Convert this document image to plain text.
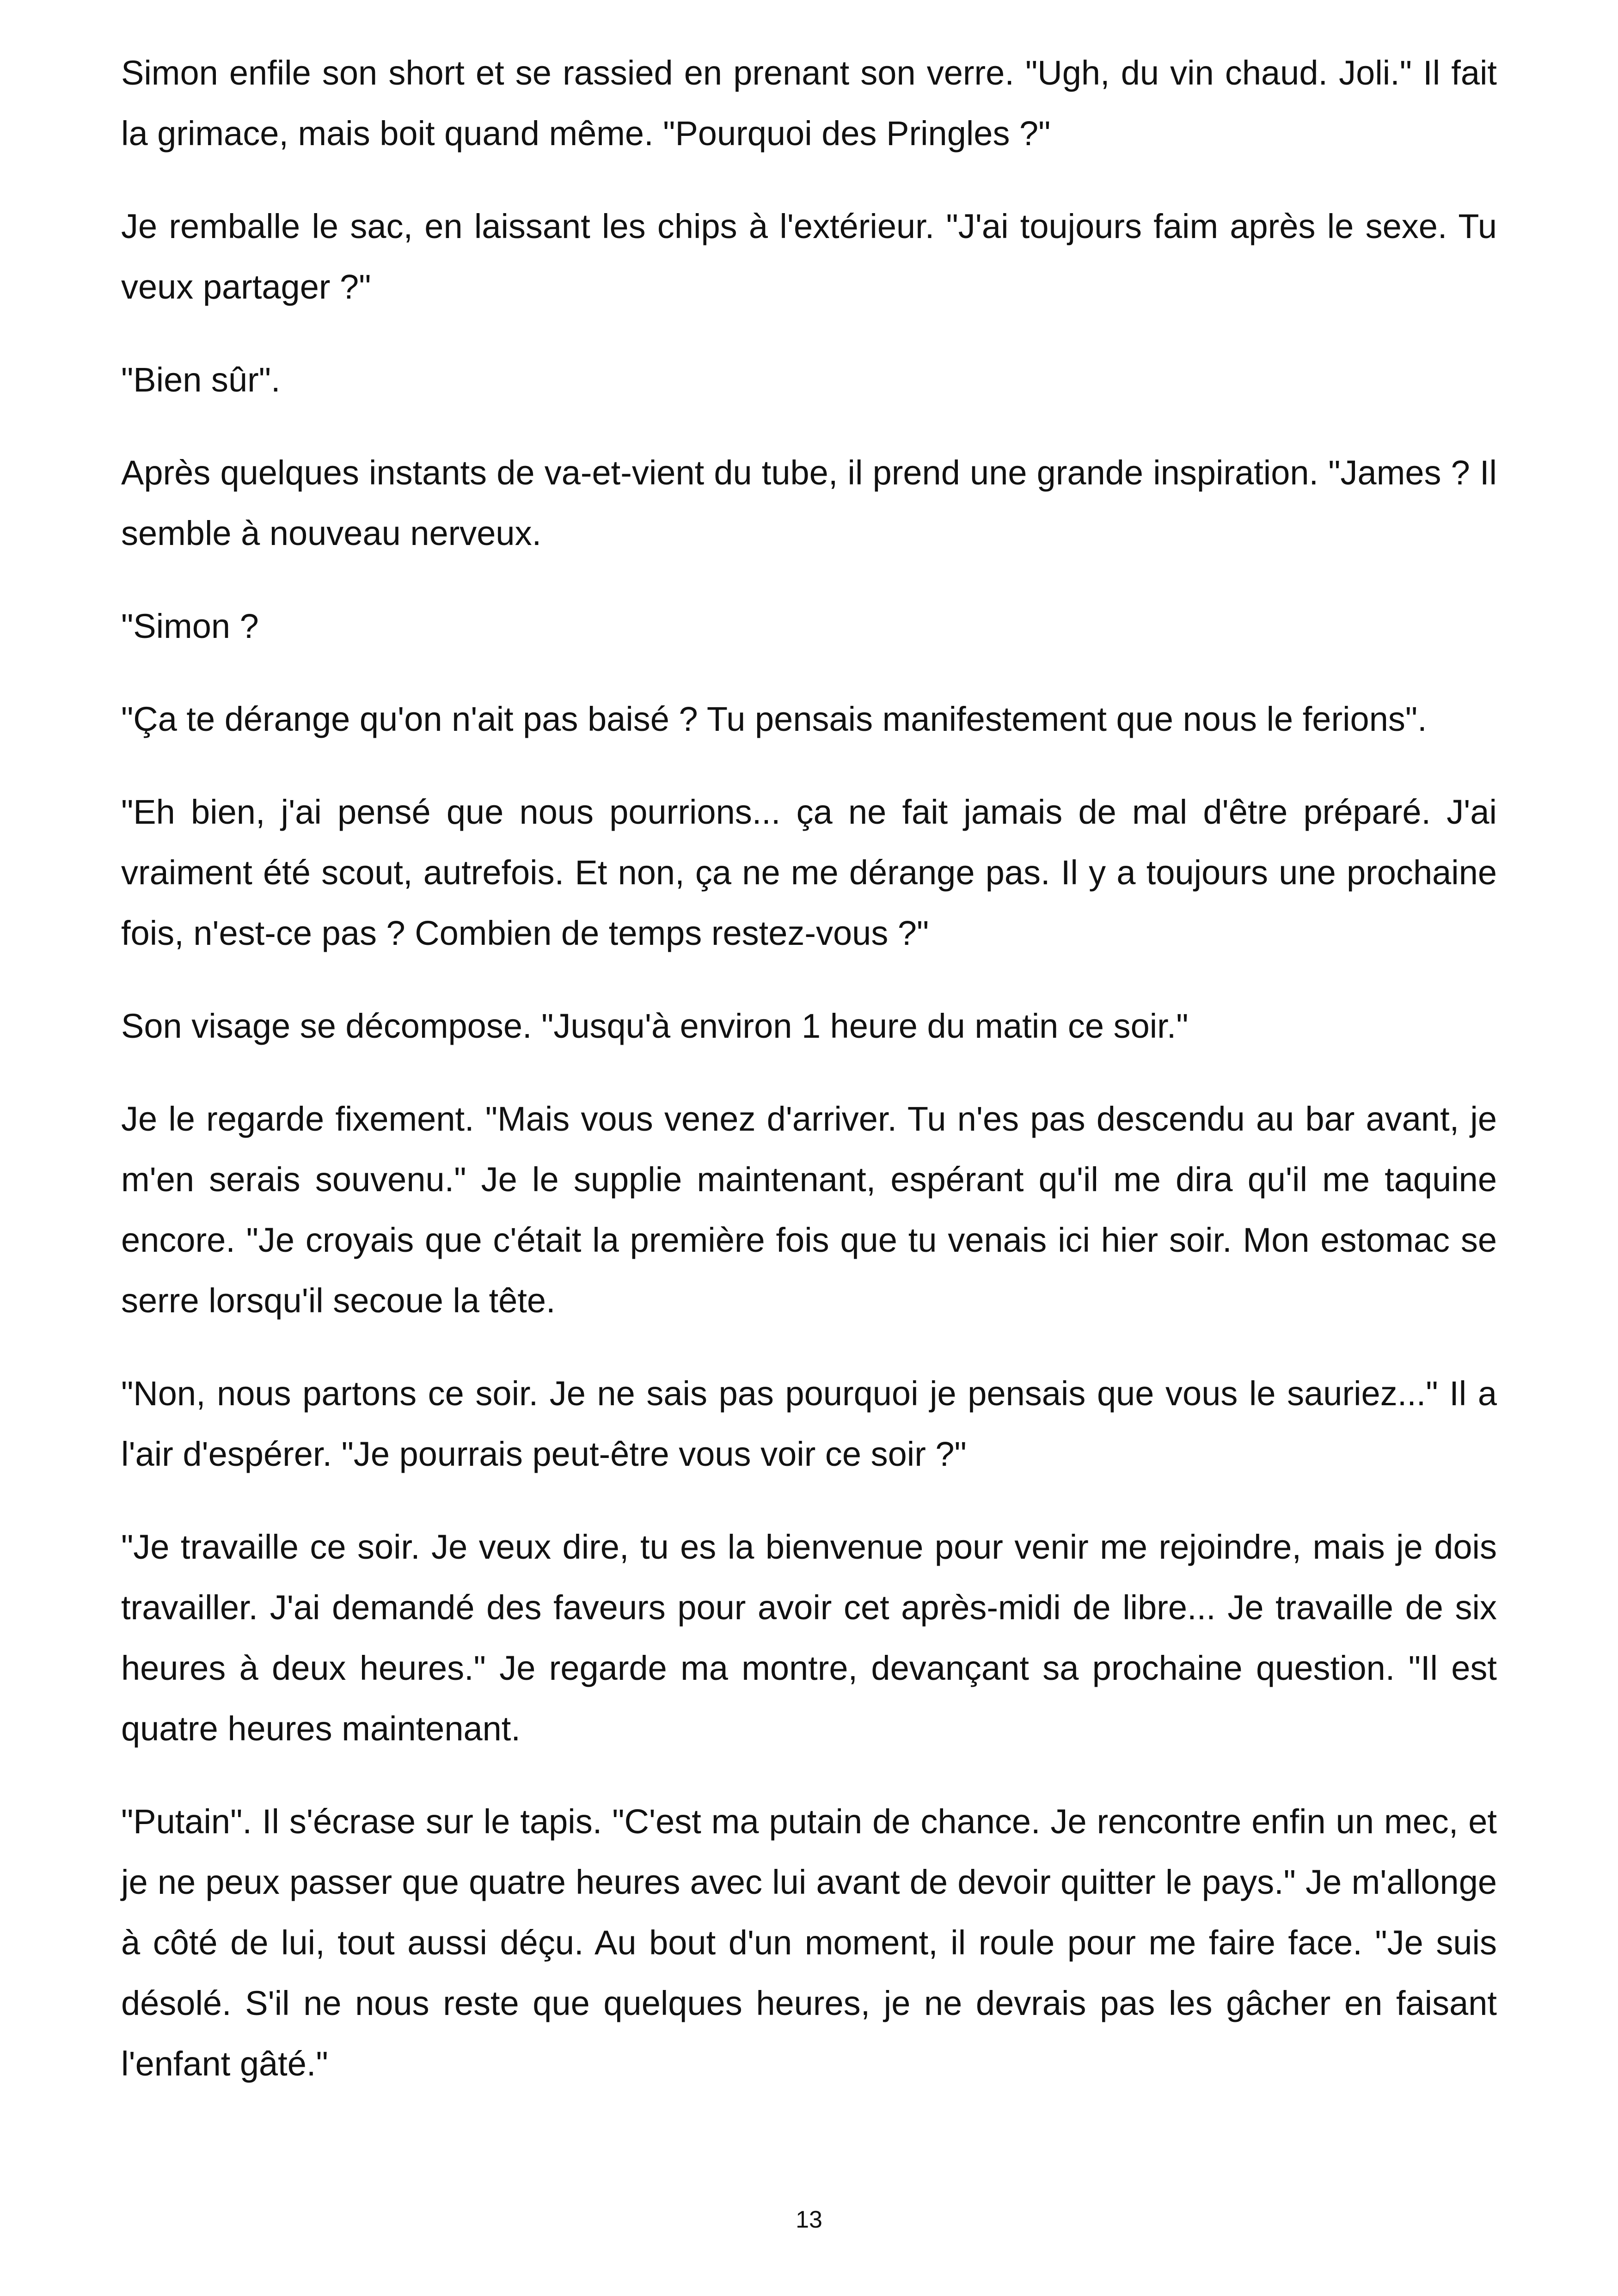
Simon enfile son short et se rassied en prenant son verre. "Ugh, du vin chaud. Joli." Il fait la grimace, mais boit quand même. "Pourquoi des Pringles ?"

Je remballe le sac, en laissant les chips à l'extérieur. "J'ai toujours faim après le sexe. Tu veux partager ?"

"Bien sûr".

Après quelques instants de va-et-vient du tube, il prend une grande inspiration. "James ? Il semble à nouveau nerveux.

"Simon ?

"Ça te dérange qu'on n'ait pas baisé ? Tu pensais manifestement que nous le ferions".

"Eh bien, j'ai pensé que nous pourrions... ça ne fait jamais de mal d'être préparé. J'ai vraiment été scout, autrefois. Et non, ça ne me dérange pas. Il y a toujours une prochaine fois, n'est-ce pas ? Combien de temps restez-vous ?"

Son visage se décompose. "Jusqu'à environ 1 heure du matin ce soir."

Je le regarde fixement. "Mais vous venez d'arriver. Tu n'es pas descendu au bar avant, je m'en serais souvenu." Je le supplie maintenant, espérant qu'il me dira qu'il me taquine encore. "Je croyais que c'était la première fois que tu venais ici hier soir. Mon estomac se serre lorsqu'il secoue la tête.

"Non, nous partons ce soir. Je ne sais pas pourquoi je pensais que vous le sauriez..." Il a l'air d'espérer. "Je pourrais peut-être vous voir ce soir ?"

"Je travaille ce soir. Je veux dire, tu es la bienvenue pour venir me rejoindre, mais je dois travailler. J'ai demandé des faveurs pour avoir cet après-midi de libre... Je travaille de six heures à deux heures." Je regarde ma montre, devançant sa prochaine question. "Il est quatre heures maintenant.

"Putain". Il s'écrase sur le tapis. "C'est ma putain de chance. Je rencontre enfin un mec, et je ne peux passer que quatre heures avec lui avant de devoir quitter le pays." Je m'allonge à côté de lui, tout aussi déçu. Au bout d'un moment, il roule pour me faire face. "Je suis désolé. S'il ne nous reste que quelques heures, je ne devrais pas les gâcher en faisant l'enfant gâté."

13
